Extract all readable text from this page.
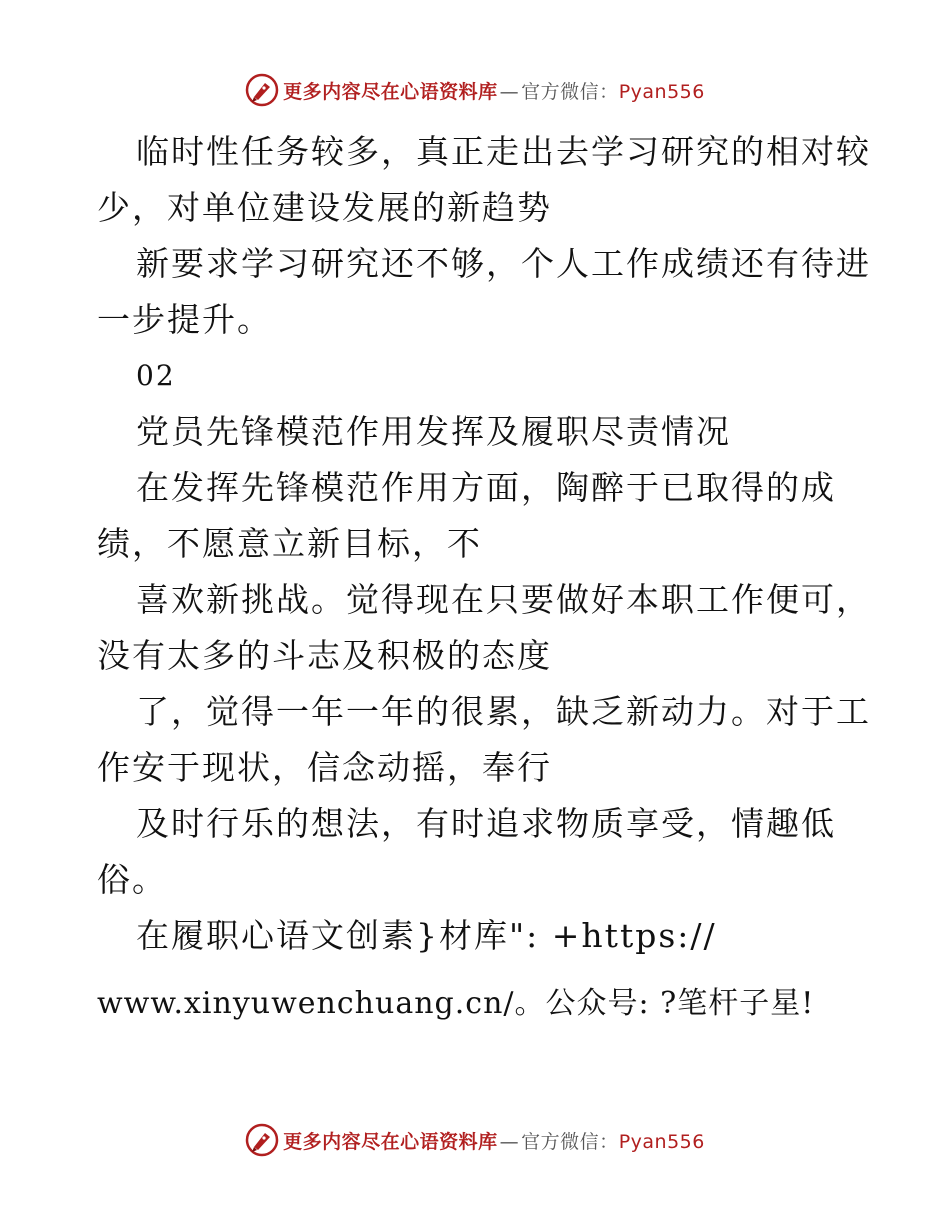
更多内容尽在心语资料库 — 官方微信：Pyan556
临时性任务较多，真正走出去学习研究的相对较
少，对单位建设发展的新趋势
新要求学习研究还不够，个人工作成绩还有待进
一步提升。
02
党员先锋模范作用发挥及履职尽责情况
在发挥先锋模范作用方面，陶醉于已取得的成
绩，不愿意立新目标，不
喜欢新挑战。觉得现在只要做好本职工作便可，
没有太多的斗志及积极的态度
了，觉得一年一年的很累，缺乏新动力。对于工
作安于现状，信念动摇，奉行
及时行乐的想法，有时追求物质享受，情趣低
俗。
在履职心语文创素}材库": +https://
www.xinyuwenchuang.cn/。公众号: ?笔杆子星!
更多内容尽在心语资料库 — 官方微信：Pyan556
